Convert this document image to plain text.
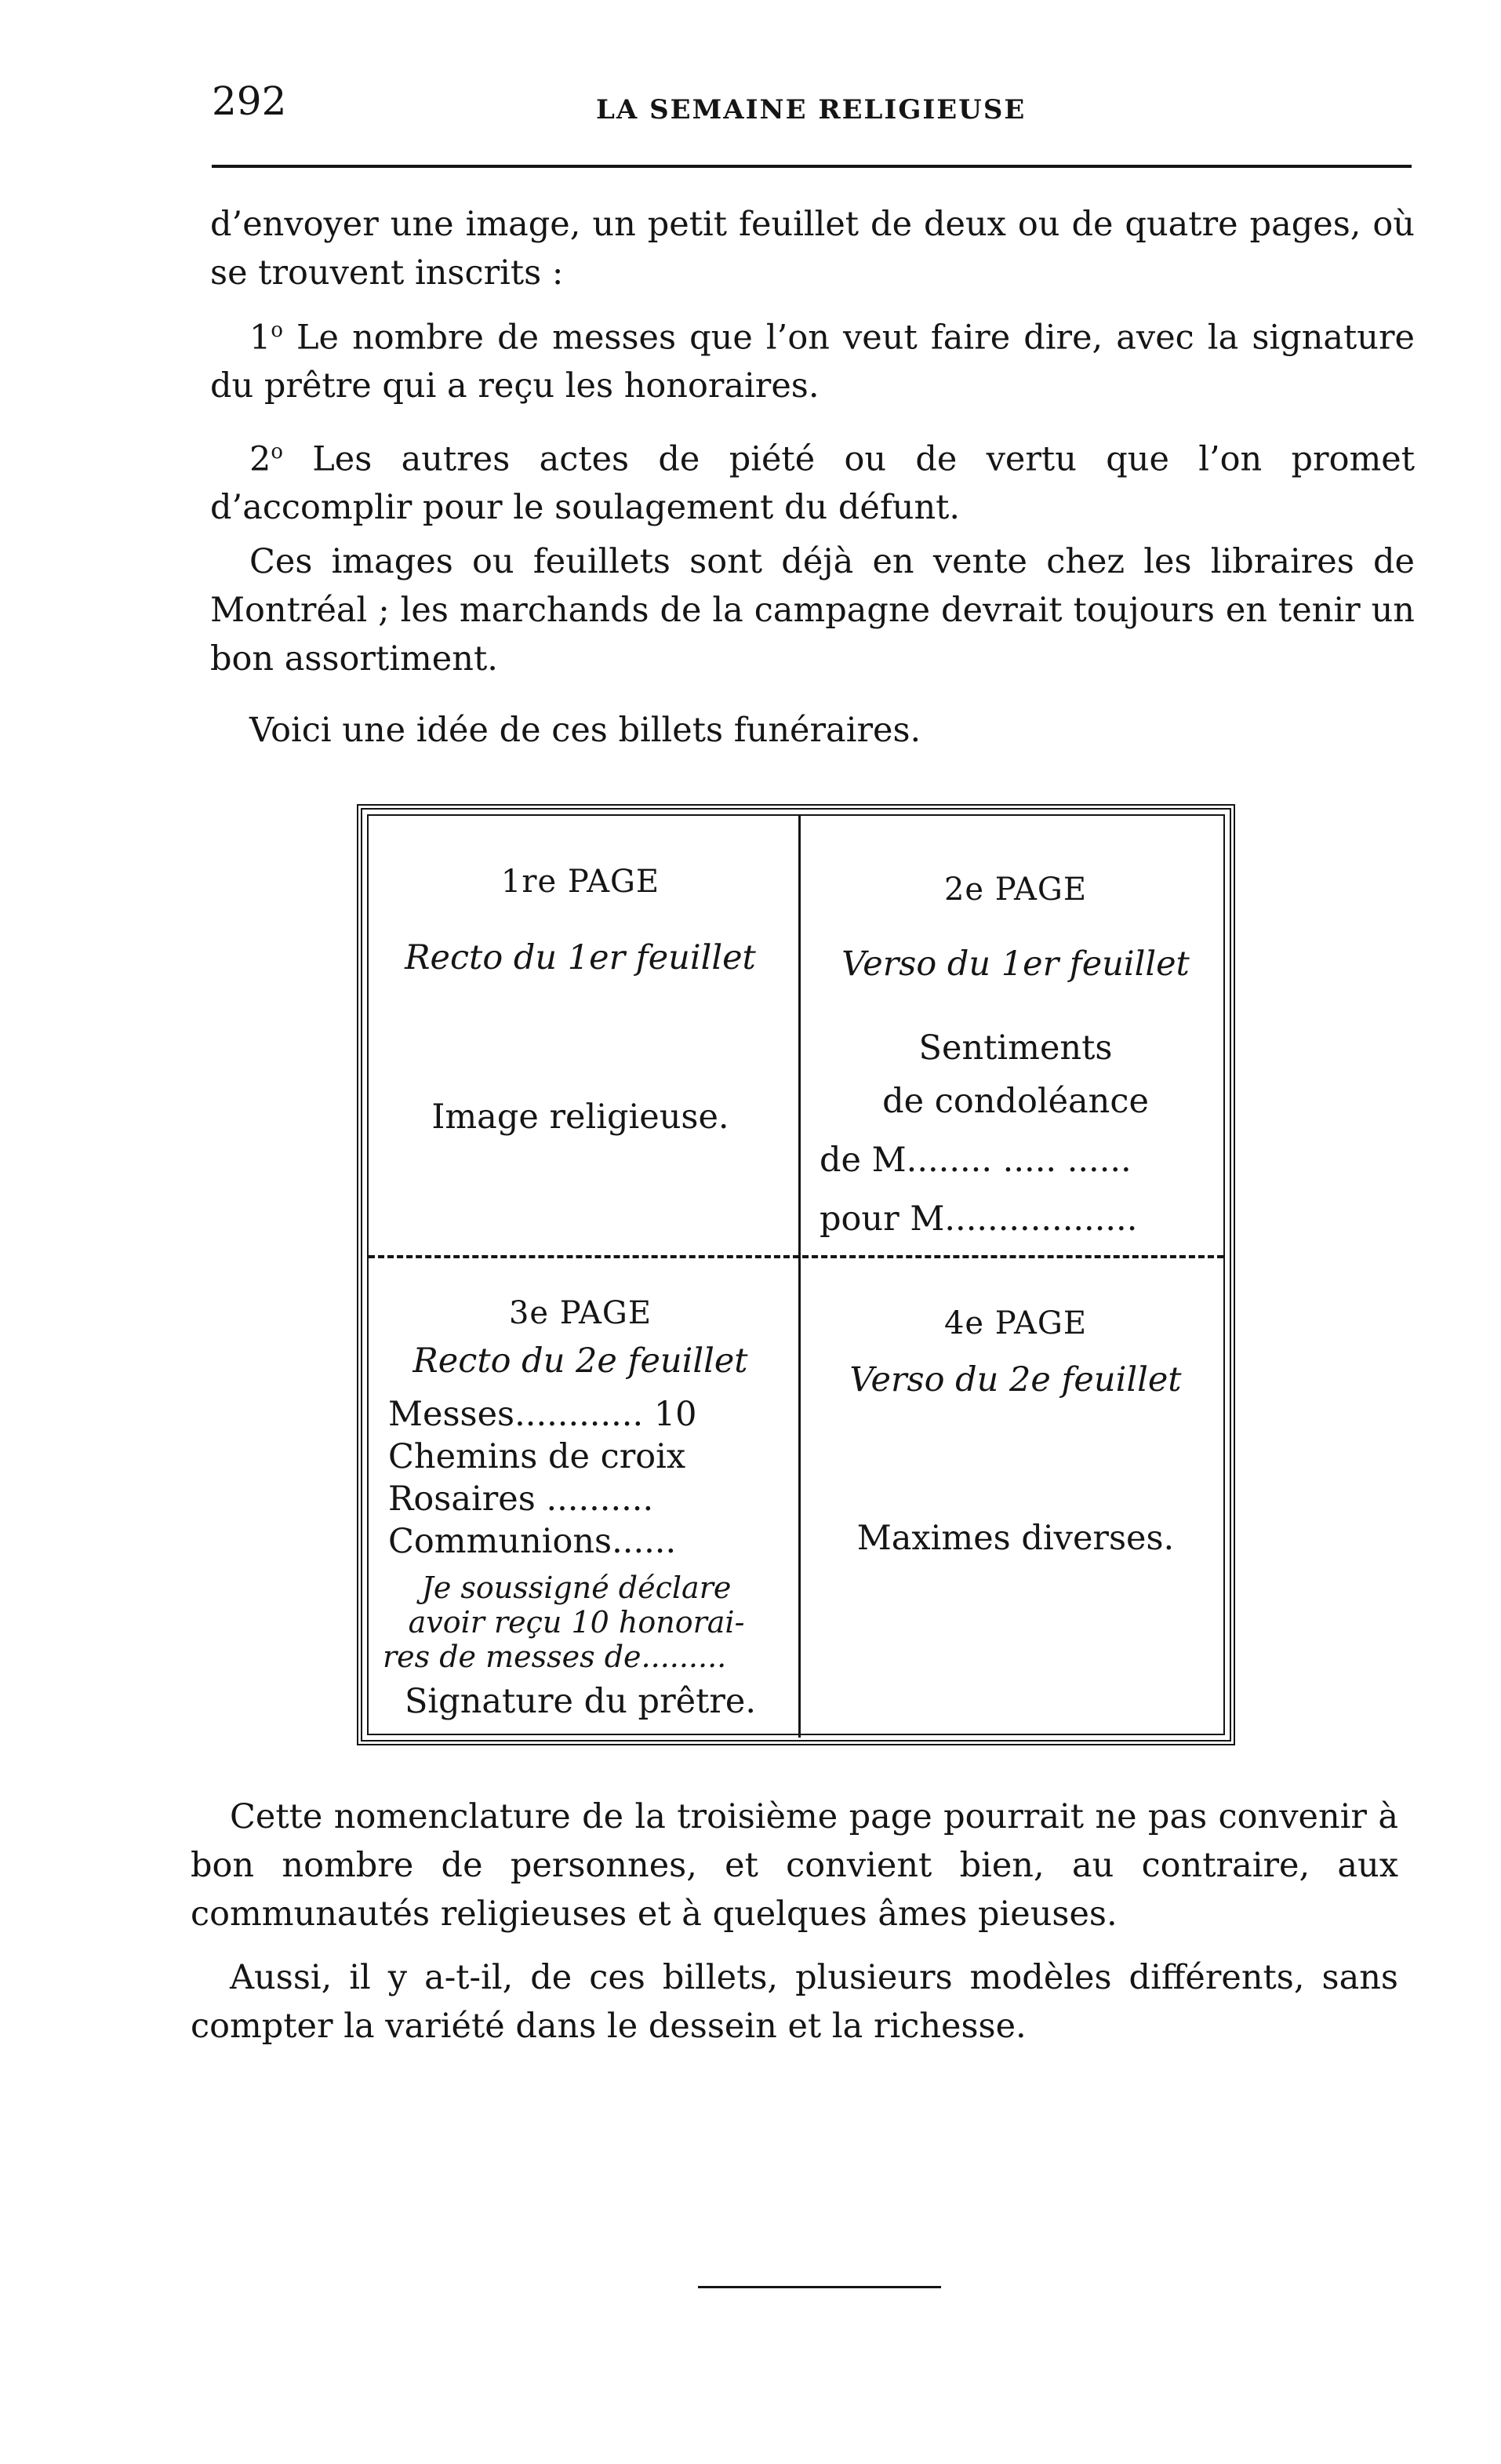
292	LA SEMAINE RELIGIEUSE

d’envoyer une image, un petit feuillet de deux ou de quatre pages, où se trouvent inscrits :

1$^o$ Le nombre de messes que l’on veut faire dire, avec la signature du prêtre qui a reçu les honoraires.

2$^o$ Les autres actes de piété ou de vertu que l’on promet d’accomplir pour le soulagement du défunt.

Ces images ou feuillets sont déjà en vente chez les libraires de Montréal ; les marchands de la campagne devrait toujours en tenir un bon assortiment.

Voici une idée de ces billets funéraires.

1re PAGE
Recto du 1er feuillet
Image religieuse.
2e PAGE
Verso du 1er feuillet
Sentiments
de condoléance
de M........ ..... ......
pour M..................
3e PAGE
Recto du 2e feuillet
Messes............ 10
Chemins de croix
Rosaires ..........
Communions......
Je soussigné déclare
avoir reçu 10 honorai-
res de messes de.........
Signature du prêtre.
4e PAGE
Verso du 2e feuillet
Maximes diverses.

Cette nomenclature de la troisième page pourrait ne pas convenir à bon nombre de personnes, et convient bien, au contraire, aux communautés religieuses et à quelques âmes pieuses.

Aussi, il y a-t-il, de ces billets, plusieurs modèles différents, sans compter la variété dans le dessein et la richesse.
